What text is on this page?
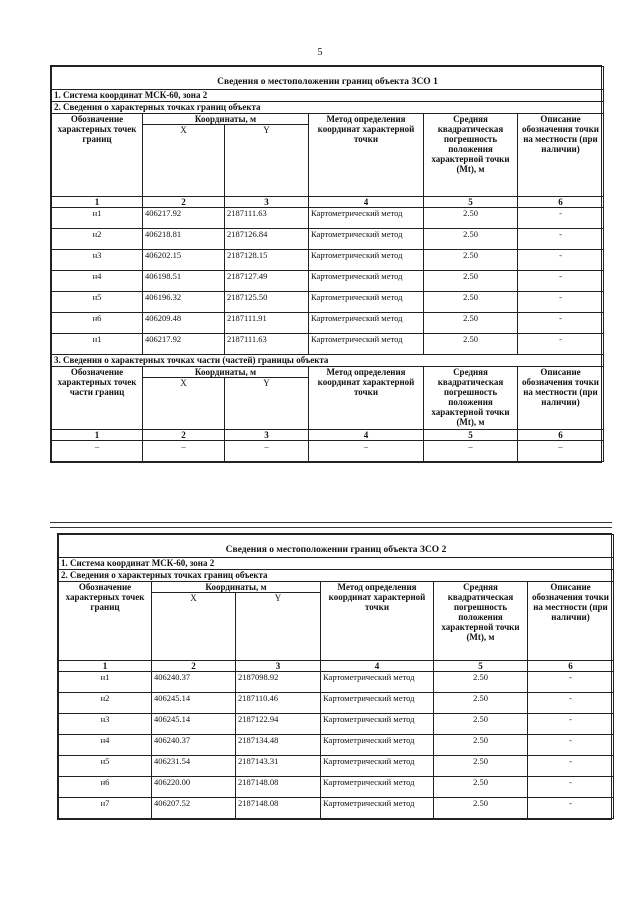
5
Сведения о местоположении границ объекта ЗСО 1					
1. Система координат МСК-60, зона 2					
2. Сведения о характерных точках границ объекта					
Обозначение характерных точек границ	Координаты, м		Метод определения координат характерной точки	Средняя квадратическая погрешность положения характерной точки (Mt), м	Описание обозначения точки на местности (при наличии)
	X	Y			
1	2	3	4	5	6
н1	406217.92	2187111.63	Картометрический метод	2.50	-
н2	406218.81	2187126.84	Картометрический метод	2.50	-
н3	406202.15	2187128.15	Картометрический метод	2.50	-
н4	406198.51	2187127.49	Картометрический метод	2.50	-
н5	406196.32	2187125.50	Картометрический метод	2.50	-
н6	406209.48	2187111.91	Картометрический метод	2.50	-
н1	406217.92	2187111.63	Картометрический метод	2.50	-
3. Сведения о характерных точках части (частей) границы объекта					
Обозначение характерных точек части границ	Координаты, м		Метод определения координат характерной точки	Средняя квадратическая погрешность положения характерной точки (Mt), м	Описание обозначения точки на местности (при наличии)
	X	Y			
1	2	3	4	5	6
–	–	–	–	–	–
Сведения о местоположении границ объекта ЗСО 2					
1. Система координат МСК-60, зона 2					
2. Сведения о характерных точках границ объекта					
Обозначение характерных точек границ	Координаты, м		Метод определения координат характерной точки	Средняя квадратическая погрешность положения характерной точки (Mt), м	Описание обозначения точки на местности (при наличии)
	X	Y			
1	2	3	4	5	6
н1	406240.37	2187098.92	Картометрический метод	2.50	-
н2	406245.14	2187110.46	Картометрический метод	2.50	-
н3	406245.14	2187122.94	Картометрический метод	2.50	-
н4	406240.37	2187134.48	Картометрический метод	2.50	-
н5	406231.54	2187143.31	Картометрический метод	2.50	-
н6	406220.00	2187148.08	Картометрический метод	2.50	-
н7	406207.52	2187148.08	Картометрический метод	2.50	-
